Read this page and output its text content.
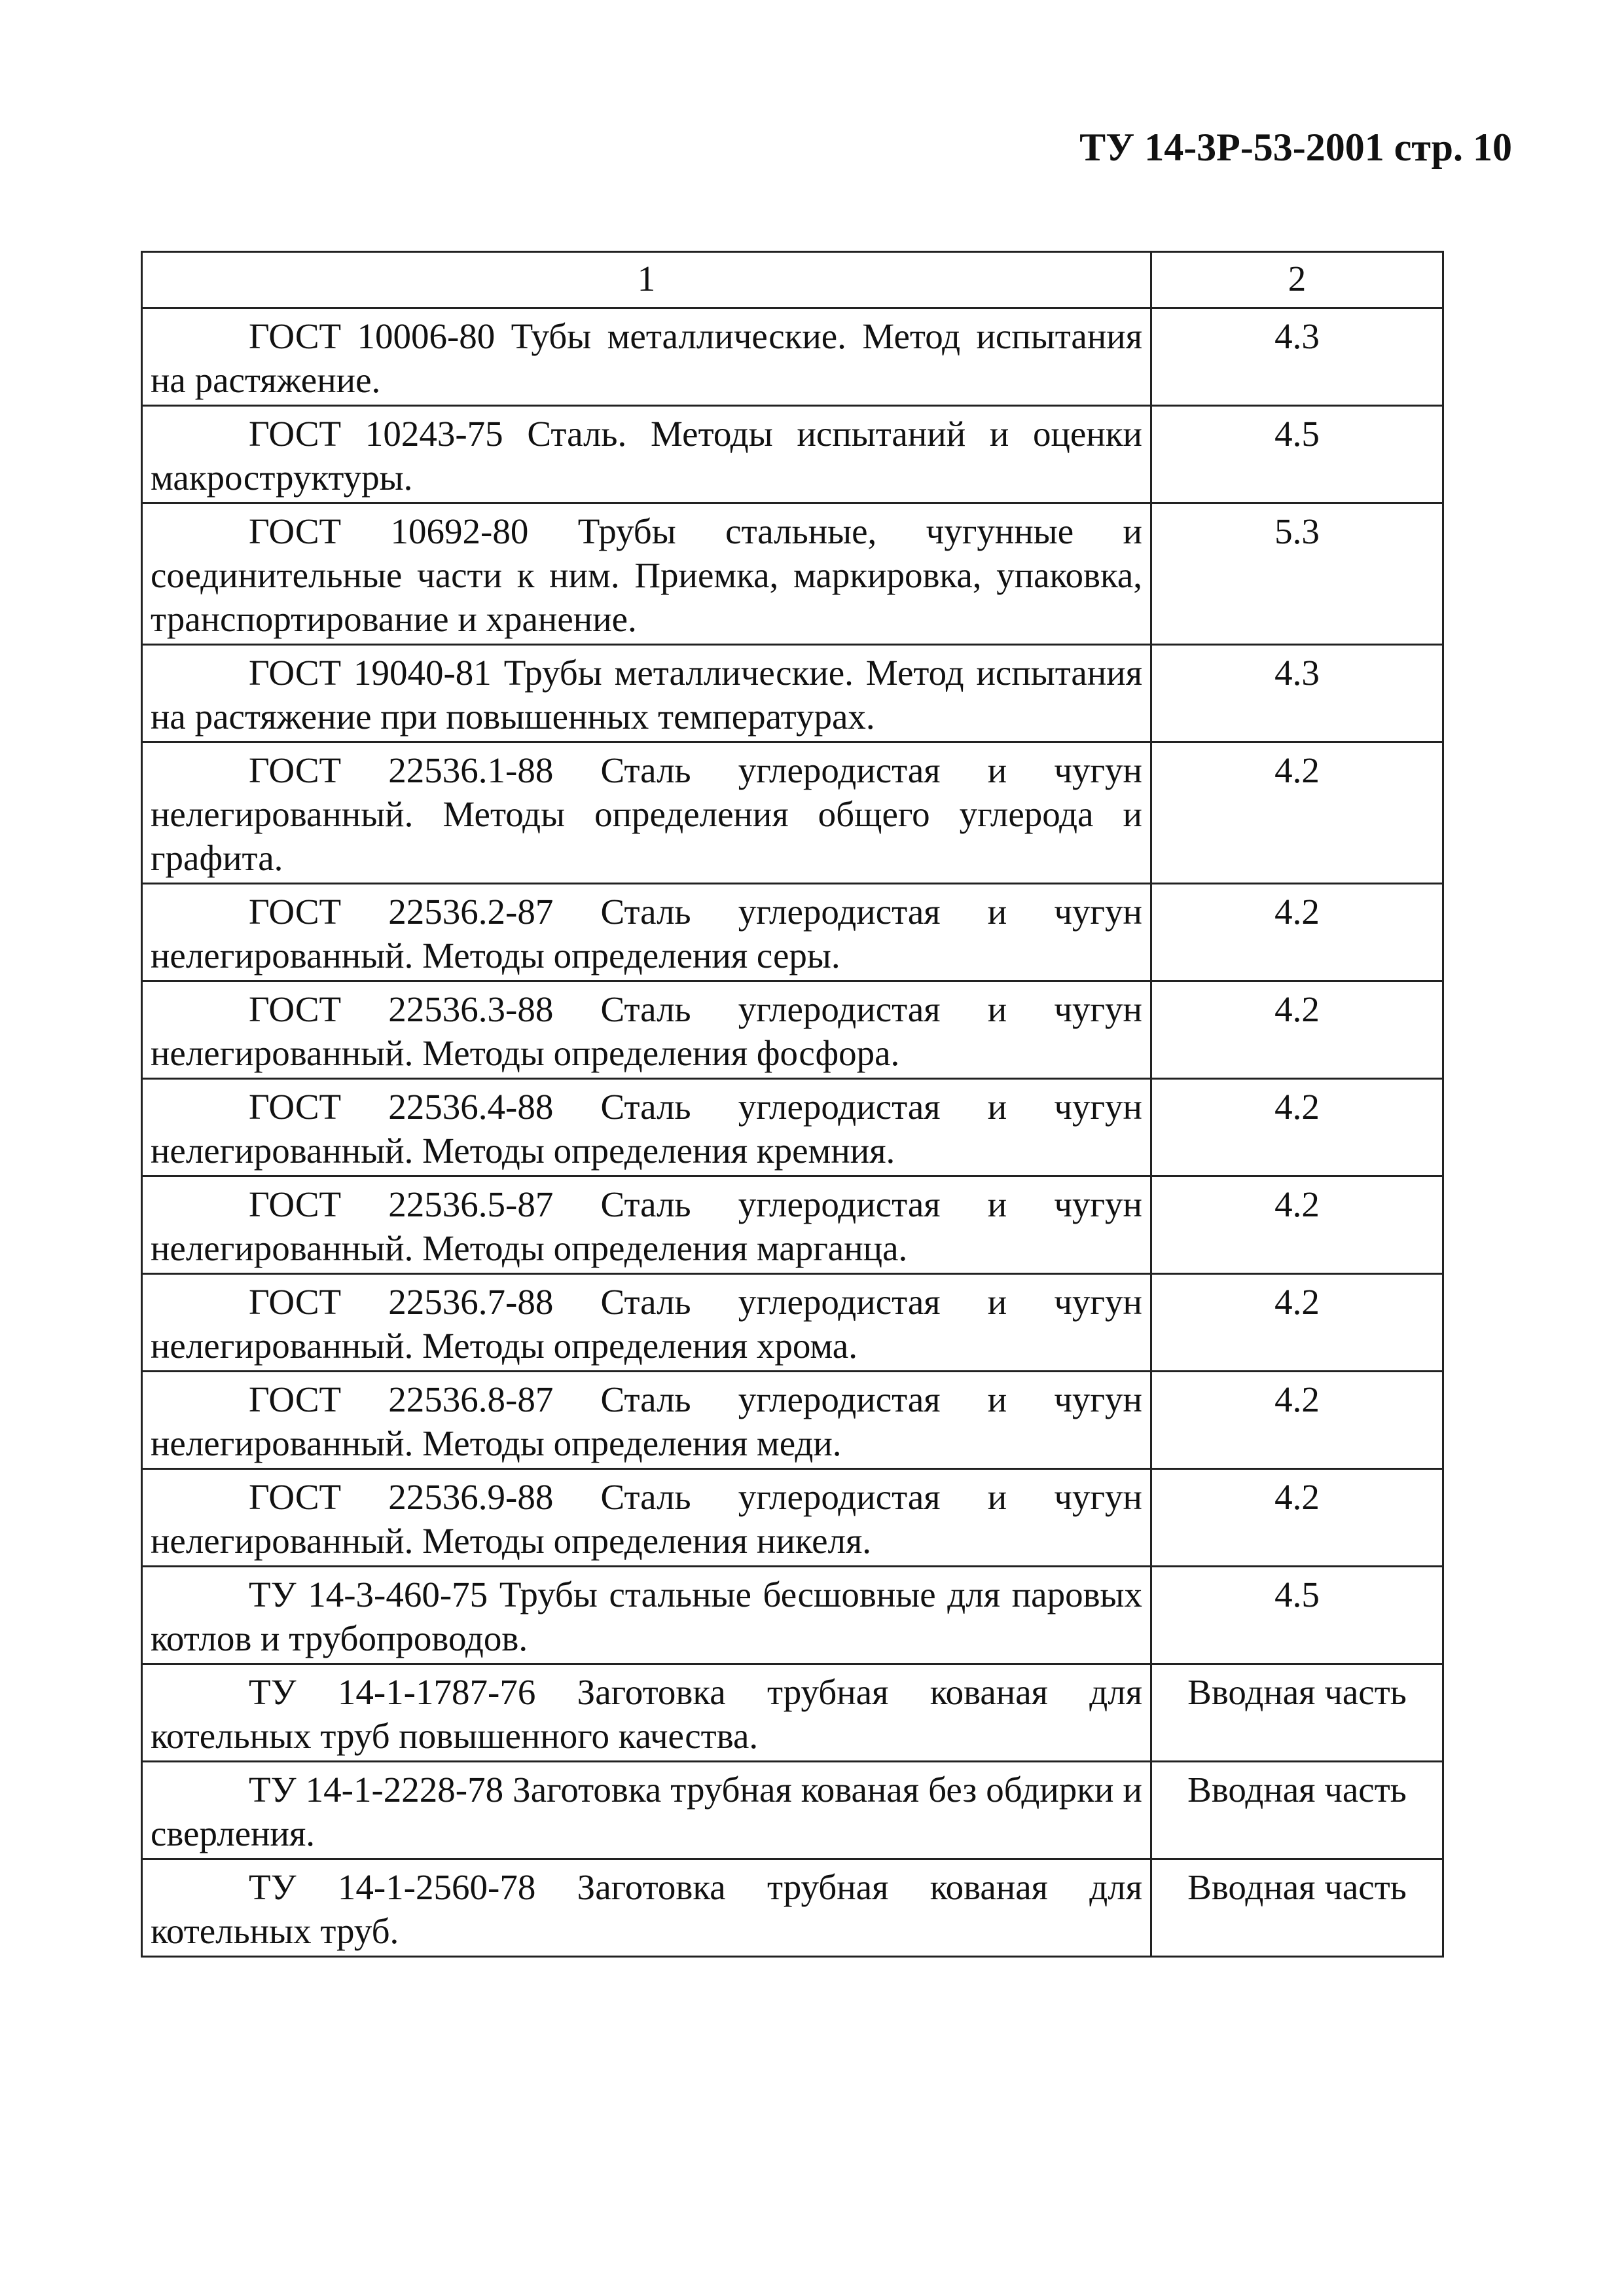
ТУ 14-3Р-53-2001 стр. 10
1	2
ГОСТ 10006-80 Тубы металлические. Метод испытания на растяжение.	4.3
ГОСТ 10243-75 Сталь. Методы испытаний и оценки макроструктуры.	4.5
ГОСТ 10692-80 Трубы стальные, чугунные и соединительные части к ним. Приемка, маркировка, упаковка, транспортирование и хранение.	5.3
ГОСТ 19040-81 Трубы металлические. Метод испытания на растяжение при повышенных температурах.	4.3
ГОСТ 22536.1-88 Сталь углеродистая и чугун нелегированный. Методы определения общего углерода и графита.	4.2
ГОСТ 22536.2-87 Сталь углеродистая и чугун нелегированный. Методы определения серы.	4.2
ГОСТ 22536.3-88 Сталь углеродистая и чугун нелегированный. Методы определения фосфора.	4.2
ГОСТ 22536.4-88 Сталь углеродистая и чугун нелегированный. Методы определения кремния.	4.2
ГОСТ 22536.5-87 Сталь углеродистая и чугун нелегированный. Методы определения марганца.	4.2
ГОСТ 22536.7-88 Сталь углеродистая и чугун нелегированный. Методы определения хрома.	4.2
ГОСТ 22536.8-87 Сталь углеродистая и чугун нелегированный. Методы определения меди.	4.2
ГОСТ 22536.9-88 Сталь углеродистая и чугун нелегированный. Методы определения никеля.	4.2
ТУ 14-3-460-75 Трубы стальные бесшовные для паровых котлов и трубопроводов.	4.5
ТУ 14-1-1787-76 Заготовка трубная кованая для котельных труб повышенного качества.	Вводная часть
ТУ 14-1-2228-78 Заготовка трубная кованая без обдирки и сверления.	Вводная часть
ТУ 14-1-2560-78 Заготовка трубная кованая для котельных труб.	Вводная часть
